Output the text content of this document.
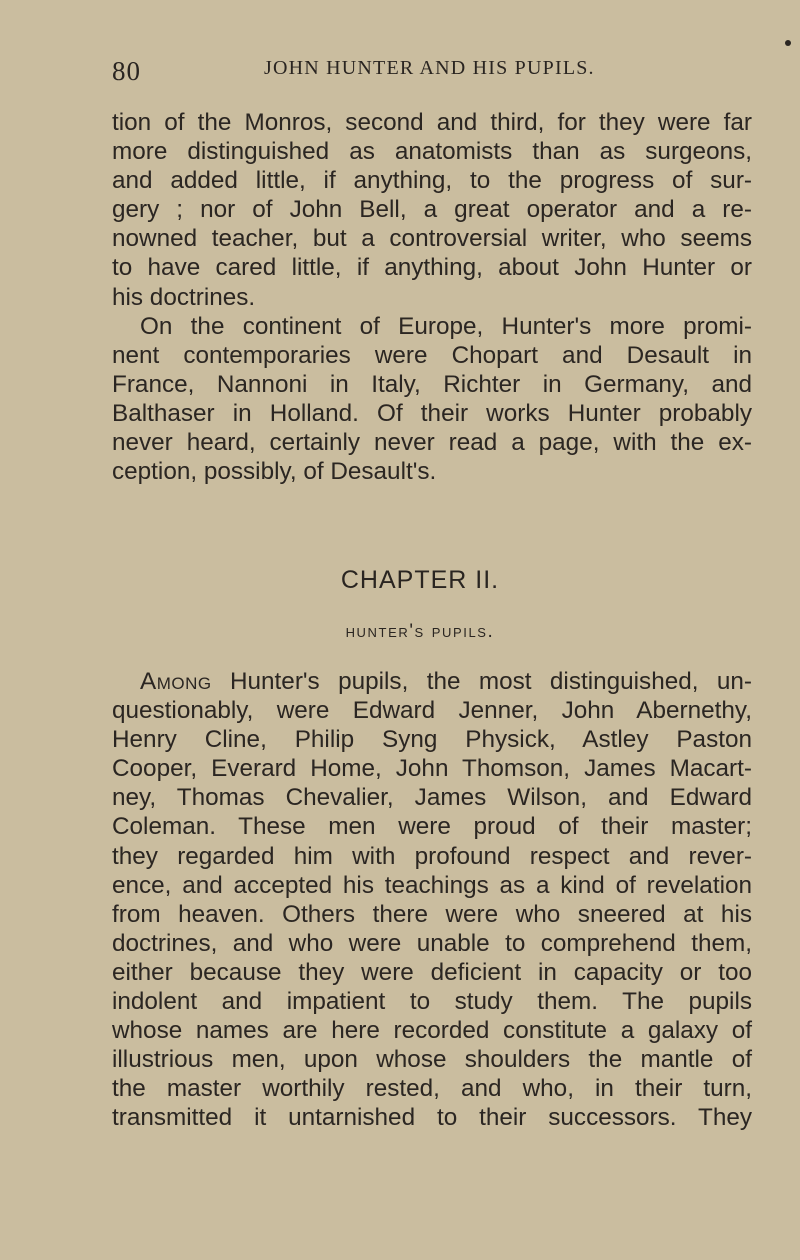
80	JOHN HUNTER AND HIS PUPILS.
tion of the Monros, second and third, for they were far
more distinguished as anatomists than as surgeons,
and added little, if anything, to the progress of sur-
gery ; nor of John Bell, a great operator and a re-
nowned teacher, but a controversial writer, who seems
to have cared little, if anything, about John Hunter or
his doctrines.
On the continent of Europe, Hunter's more promi-
nent contemporaries were Chopart and Desault in
France, Nannoni in Italy, Richter in Germany, and
Balthaser in Holland. Of their works Hunter probably
never heard, certainly never read a page, with the ex-
ception, possibly, of Desault's.
CHAPTER II.
hunter's pupils.
Among Hunter's pupils, the most distinguished, un-
questionably, were Edward Jenner, John Abernethy,
Henry Cline, Philip Syng Physick, Astley Paston
Cooper, Everard Home, John Thomson, James Macart-
ney, Thomas Chevalier, James Wilson, and Edward
Coleman. These men were proud of their master;
they regarded him with profound respect and rever-
ence, and accepted his teachings as a kind of revelation
from heaven. Others there were who sneered at his
doctrines, and who were unable to comprehend them,
either because they were deficient in capacity or too
indolent and impatient to study them. The pupils
whose names are here recorded constitute a galaxy of
illustrious men, upon whose shoulders the mantle of
the master worthily rested, and who, in their turn,
transmitted it untarnished to their successors. They
